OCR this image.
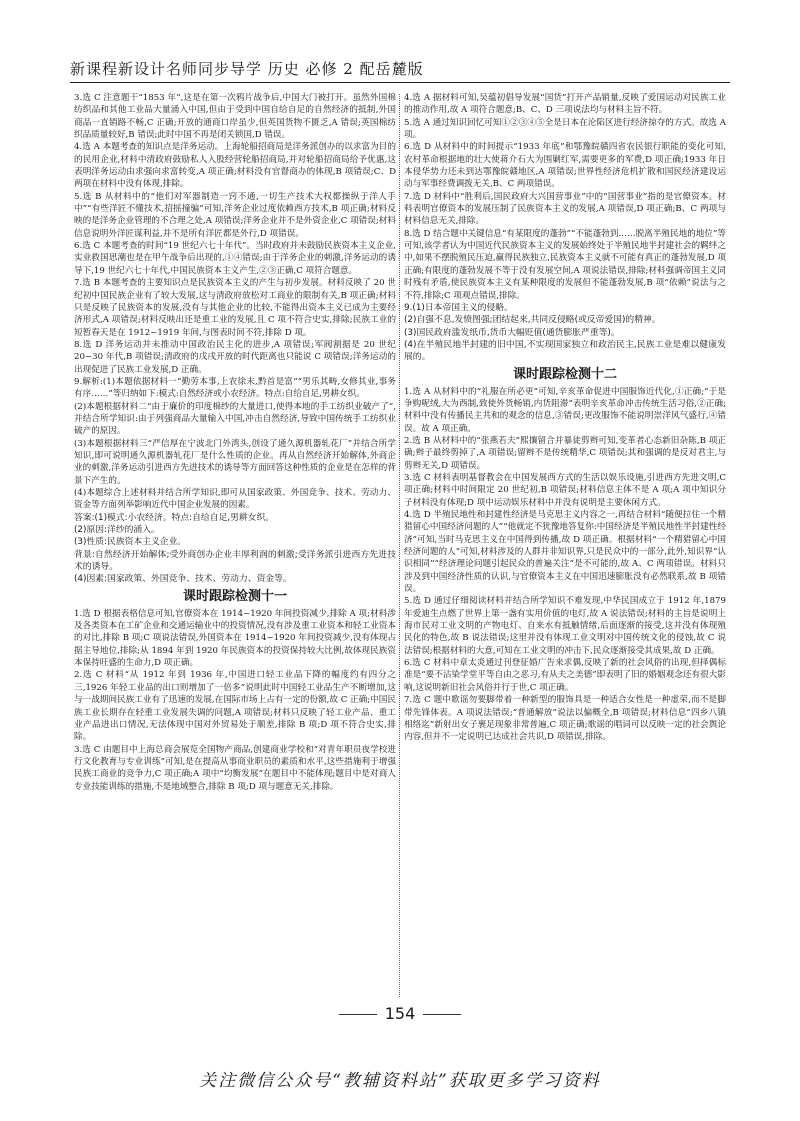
新课程新设计名师同步导学 历史 必修 2 配岳麓版

3.选 C 注意题干“1853 年”,这是在第一次鸦片战争后,中国大门被打开。虽然外国棉纺织品和其他工业品大量涌入中国,但由于受到中国自给自足的自然经济的抵制,外国商品一直销路不畅,C 正确;开放的通商口岸虽少,但英国货物不匮乏,A 错误;英国棉纺织品质量较好,B 错误;此时中国不再是闭关锁国,D 错误。

4.选 A 本题考查的知识点是洋务运动。上海轮船招商局是洋务派创办的以求富为目的的民用企业,材料中清政府鼓励私人入股经营轮船招商局,并对轮船招商局给予优惠,这表明洋务运动由求强向求富转变,A 项正确;材料没有官督商办的体现,B 项错误;C、D 两项在材料中没有体现,排除。

5.选 B 从材料中的“他们对军器制造一窍不通,一切生产技术大权都操纵于洋人手中”“有些洋匠不懂技术,招摇撞骗”可知,洋务企业过度依赖西方技术,B 项正确;材料反映的是洋务企业管理的不合理之处,A 项错误;洋务企业并不是外资企业,C 项错误;材料信息说明外洋匠谋利益,并不是所有洋匠都是外行,D 项错误。

6.选 C 本题考查的时间“19 世纪六七十年代”。当时政府并未鼓励民族资本主义企业,实业救国思潮也是在甲午战争后出现的,①④错误;由于洋务企业的刺激,洋务运动的诱导下,19 世纪六七十年代,中国民族资本主义产生,②③正确,C 项符合题意。

7.选 B 本题考查的主要知识点是民族资本主义的产生与初步发展。材料反映了 20 世纪初中国民族企业有了较大发展,这与清政府放松对工商业的限制有关,B 项正确;材料只是反映了民族资本的发展,没有与其他企业的比较,不能得出资本主义已成为主要经济形式,A 项错误;材料反映出还是重工业的发展,且 C 项不符合史实,排除;民族工业的短暂春天是在 1912~1919 年间,与图表时间不符,排除 D 项。

8.选 D 洋务运动并未推动中国政治民主化的进步,A 项错误;军阀割据是 20 世纪 20~30 年代,B 项错误;清政府的戊戌开放的时代距离也只能说 C 项错误;洋务运动的出现促进了民族工业发展,D 正确。

9.解析:(1)本题依据材料一“勤劳本事,上农徐末,黔首是富”“男乐其畴,女修其业,事务有序……”等归纳如下:模式:自然经济或小农经济。特点:自给自足,男耕女织。

(2)本题根据材料二“由于廉价的印度棉纱的大量进口,使得本地的手工纺织业破产了”,并结合所学知识:由于列强商品大量输入中国,冲击自然经济,导致中国传统手工纺织业破产的原因。

(3)本题根据材料三“严信厚在宁波北门外湾头,创设了通久源机器轧花厂”并结合所学知识,即可说明通久源机器轧花厂是什么性质的企业。再从自然经济开始解体,外商企业的刺激,洋务运动引进西方先进技术的诱导等方面回答这种性质的企业是在怎样的背景下产生的。

(4)本题综合上述材料并结合所学知识,即可从国家政策、外国竞争、技术、劳动力、资金等方面列举影响近代中国企业发展的因素。

答案:(1)模式:小农经济。特点:自给自足,男耕女织。

(2)原因:洋纱的涌入。

(3)性质:民族资本主义企业。

背景:自然经济开始解体;受外商创办企业丰厚利润的刺激;受洋务派引进西方先进技术的诱导。

(4)因素:国家政策、外国竞争、技术、劳动力、资金等。

课时跟踪检测十一

1.选 D 根据表格信息可知,官僚资本在 1914~1920 年间投资减少,排除 A 项;材料涉及各类资本在工矿企业和交通运输业中的投资情况,没有涉及重工业资本和轻工业资本的对比,排除 B 项;C 项说法错误,外国资本在 1914~1920 年间投资减少,没有体现占据主导地位,排除;从 1894 年到 1920 年民族资本的投资保持较大比例,故体现民族资本保持旺盛的生命力,D 项正确。

2.选 C 材料“从 1912 年到 1936 年,中国进口轻工业品下降的幅度约有四分之三,1926 年轻工业品的出口则增加了一倍多”说明此时中国轻工业品生产不断增加,这与一战期间民族工业有了迅速的发展,在国际市场上占有一定的份额,故 C 正确;中国民族工业长期存在轻重工业发展失调的问题,A 项错误;材料只反映了轻工业产品、重工业产品进出口情况,无法体现中国对外贸易处于顺差,排除 B 项;D 项不符合史实,排除。

3.选 C 由题目中上海总商会展览全国物产商品,创建商业学校和“对青年职员夜学校进行文化教育与专业训练”可知,是在提高从事商业职员的素质和水平,这些措施利于增强民族工商业的竞争力,C 项正确;A 项中“均衡发展”在题目中不能体现;题目中是对商人专业技能训练的措施,不是地域整合,排除 B 项;D 项与题意无关,排除。

4.选 A 据材料可知,吴蕴初倡导发展“国货”打开产品销量,反映了爱国运动对民族工业的推动作用,故 A 项符合题意;B、C、D 三项说法均与材料主旨不符。

5.选 A 通过知识回忆可知①②③④⑤全是日本在沦陷区进行经济掠夺的方式。故选 A 项。

6.选 D 从材料中的时间提示“1933 年底”和鄂豫皖赣四省农民银行职能的变化可知,农村革命根据地的壮大使蒋介石大为围剿红军,需要更多的军费,D 项正确;1933 年日本侵华势力还未到达鄂豫皖赣地区,A 项错误;世界性经济危机扩散和国民经济建设运动与军事经费调拨无关,B、C 两项错误。

7.选 D 材料中“胜利后,国民政府大兴国营事业”中的“国营事业”指的是官僚资本。材料表明官僚资本的发展压制了民族资本主义的发展,A 项错误,D 项正确;B、C 两项与材料信息无关,排除。

8.选 D 结合题中关键信息“有某限度的蓬勃”“不能蓬勃到……脱离半殖民地的地位”等可知,该学者认为中国近代民族资本主义的发展始终处于半殖民地半封建社会的羁绊之中,如果不摆脱殖民压迫,赢得民族独立,民族资本主义就不可能有真正的蓬勃发展,D 项正确;有限度的蓬勃发展不等于没有发展空间,A 项说法错误,排除;材料强调帝国主义同时残有矛盾,使民族资本主义有某种限度的发展但不能蓬勃发展,B 项“依赖”说法与之不符,排除;C 项观点错误,排除。

9.(1)日本帝国主义的侵略。

(2)自强不息,发愤图强;团结起来,共同反侵略(或反帝爱国)的精神。

(3)国民政府滥发纸币,货币大幅贬值(通货膨胀严重等)。

(4)在半殖民地半封建的旧中国,不实现国家独立和政治民主,民族工业是难以健康发展的。

课时跟踪检测十二

1.选 A 从材料中的“礼服在所必更”可知,辛亥革命促进中国服饰近代化,①正确;“于是争购呢绒,大为西制,致使外货畅销,内货阻滞”表明辛亥革命冲击传统生活习俗,②正确;材料中没有传播民主共和的观念的信息,③错误;更改服饰不能说明崇洋风气盛行,④错误。故 A 项正确。

2.选 B 从材料中的“张燕若夫”熙攘留合并暴徒剪辫可知,变革者心态新旧杂陈,B 项正确;辫子最终剪掉了,A 项错误;留辫不是传统精华,C 项错误;其和强调的是反对君主,与剪辫无关,D 项错误。

3.选 C 材料表明基督教会在中国发展西方式的生活以娱乐设施,引进西方先进文明,C 项正确;材料中时间限定 20 世纪初,B 项错误;材料信息主体不是 A 项;A 项中知识分子材料没有体现;D 项中运动娱乐材料中并没有说明是主要休闲方式。

4.选 D 半殖民地性和封建性经济是马克思主义内容之一,再结合材料“随便拉住一个精猎留心中国经济问题的人”“他就定不犹豫地答复你:中国经济是半殖民地性半封建性经济”可知,当时马克思主义在中国得到传播,故 D 项正确。根据材料“一个精猎留心中国经济问题的人”可知,材料涉及的人群并非知识界,只是民众中的一部分,此外,知识界“认识相同”“经济理论问题引起民众的普遍关注”是不可能的,故 A、C 两项错误。材料只涉及到中国经济性质的认识,与官僚资本主义在中国迅速膨胀没有必然联系,故 B 项错误。

5.选 D 通过仔细阅读材料并结合所学知识不难发现,中华民国成立于 1912 年,1879 年爱迪生点燃了世界上第一盏有实用价值的电灯,故 A 说法错误;材料的主旨是说明上海市民对工业文明的产物电灯、自来水有抵触情绪,后面逐渐的接受,这并没有体现殖民化的特色,故 B 说法错误;这里并没有体现工业文明对中国传统文化的侵蚀,故 C 说法错误;根据材料的大意,可知在工业文明的冲击下,民众逐渐接受其成果,故 D 正确。

6.选 C 材料中章太炎通过刊登征婚广告来求偶,反映了新的社会风俗的出现,但择偶标准是“要不沾染学堂平等自由之恶习,有从夫之美德”即表明了旧的婚姻观念还有很大影响,这说明新旧社会风俗并行于世,C 项正确。

7.选 C 题中歌谣勿要脚带着一种新型的服饰具是一种适合女性是一种虚荣,而不是脚带先锋体表。A 项说法错误;“普通解放”说法以偏概全,B 项错误;材料信息“四乡八镇相络迄”新射出女子裹足现象非常普遍,C 项正确;歌谣的唱词可以反映一定的社会舆论内容,但并不一定说明已达成社会共识,D 项错误,排除。

154
关注微信公众号“教辅资料站”获取更多学习资料
